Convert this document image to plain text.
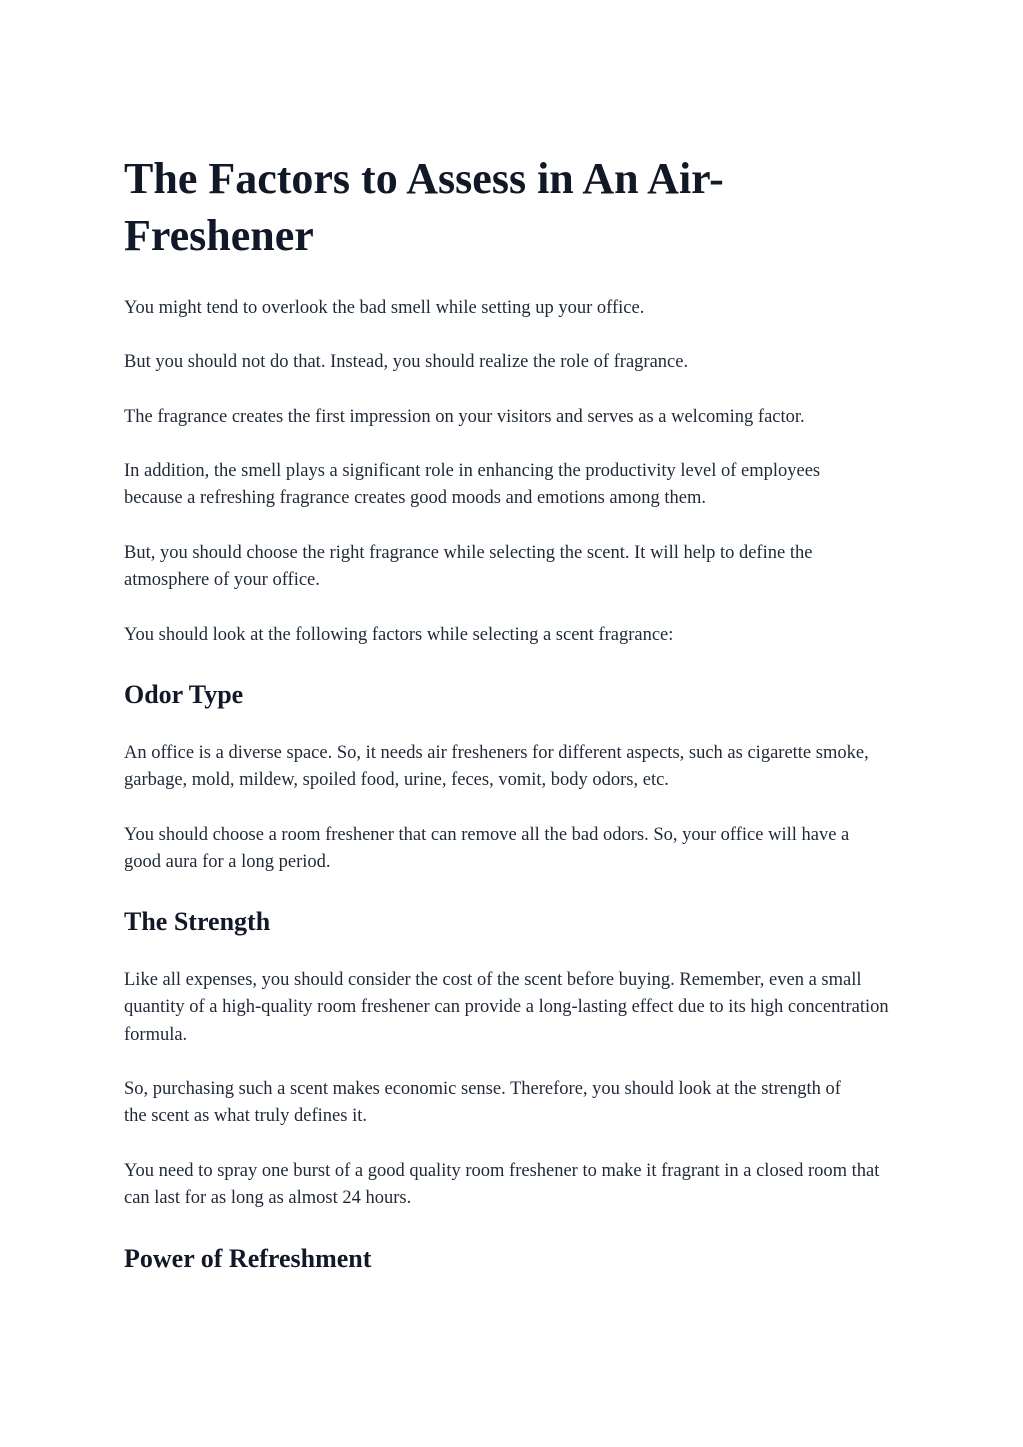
The Factors to Assess in An Air-Freshener

You might tend to overlook the bad smell while setting up your office.

But you should not do that. Instead, you should realize the role of fragrance.

The fragrance creates the first impression on your visitors and serves as a welcoming factor.

In addition, the smell plays a significant role in enhancing the productivity level of employees because a refreshing fragrance creates good moods and emotions among them.

But, you should choose the right fragrance while selecting the scent. It will help to define the atmosphere of your office.

You should look at the following factors while selecting a scent fragrance:

Odor Type

An office is a diverse space. So, it needs air fresheners for different aspects, such as cigarette smoke, garbage, mold, mildew, spoiled food, urine, feces, vomit, body odors, etc.

You should choose a room freshener that can remove all the bad odors. So, your office will have a good aura for a long period.

The Strength

Like all expenses, you should consider the cost of the scent before buying. Remember, even a small quantity of a high-quality room freshener can provide a long-lasting effect due to its high concentration formula.

So, purchasing such a scent makes economic sense. Therefore, you should look at the strength of the scent as what truly defines it.

You need to spray one burst of a good quality room freshener to make it fragrant in a closed room that can last for as long as almost 24 hours.

Power of Refreshment
